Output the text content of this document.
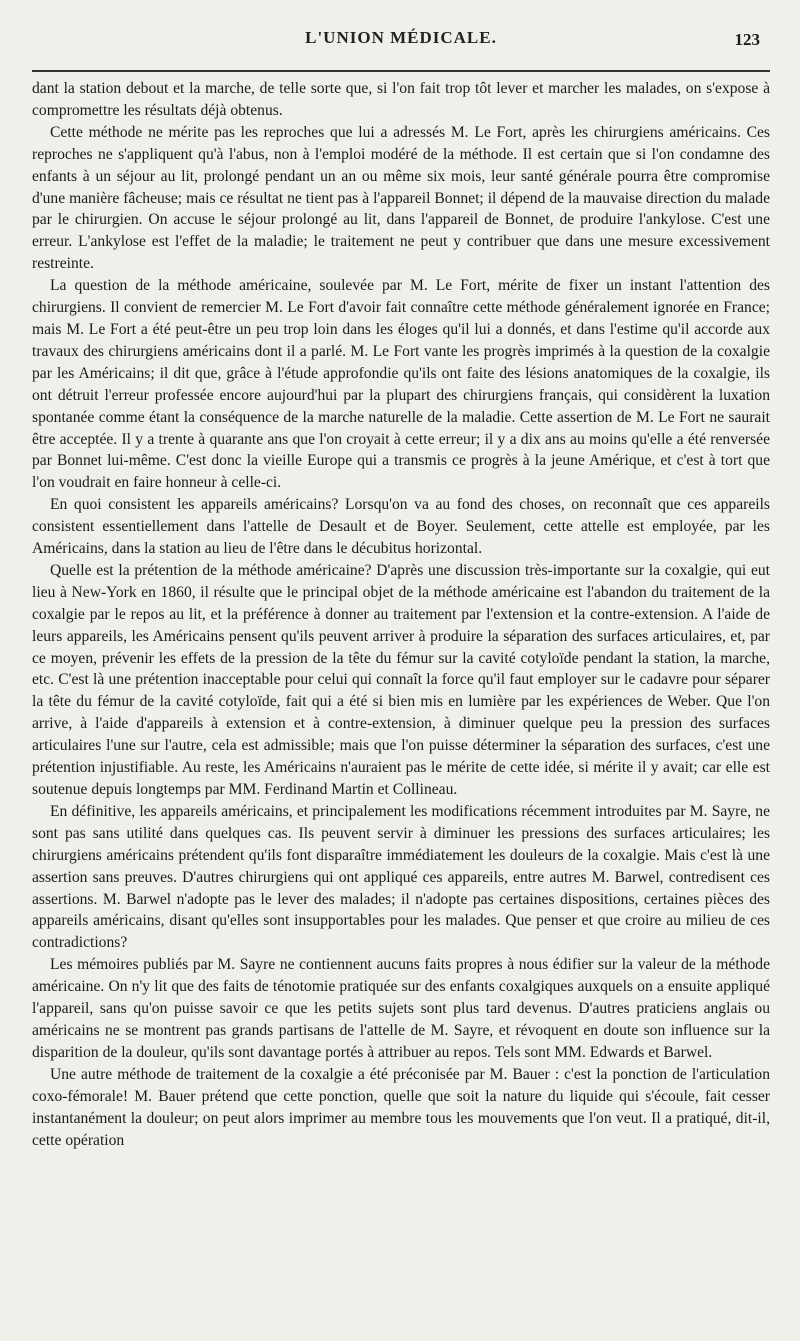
L'UNION MÉDICALE.	123

dant la station debout et la marche, de telle sorte que, si l'on fait trop tôt lever et marcher les malades, on s'expose à compromettre les résultats déjà obtenus.

Cette méthode ne mérite pas les reproches que lui a adressés M. Le Fort, après les chirurgiens américains. Ces reproches ne s'appliquent qu'à l'abus, non à l'emploi modéré de la méthode. Il est certain que si l'on condamne des enfants à un séjour au lit, prolongé pendant un an ou même six mois, leur santé générale pourra être compromise d'une manière fâcheuse; mais ce résultat ne tient pas à l'appareil Bonnet; il dépend de la mauvaise direction du malade par le chirurgien. On accuse le séjour prolongé au lit, dans l'appareil de Bonnet, de produire l'ankylose. C'est une erreur. L'ankylose est l'effet de la maladie; le traitement ne peut y contribuer que dans une mesure excessivement restreinte.

La question de la méthode américaine, soulevée par M. Le Fort, mérite de fixer un instant l'attention des chirurgiens. Il convient de remercier M. Le Fort d'avoir fait connaître cette méthode généralement ignorée en France; mais M. Le Fort a été peut-être un peu trop loin dans les éloges qu'il lui a donnés, et dans l'estime qu'il accorde aux travaux des chirurgiens américains dont il a parlé. M. Le Fort vante les progrès imprimés à la question de la coxalgie par les Américains; il dit que, grâce à l'étude approfondie qu'ils ont faite des lésions anatomiques de la coxalgie, ils ont détruit l'erreur professée encore aujourd'hui par la plupart des chirurgiens français, qui considèrent la luxation spontanée comme étant la conséquence de la marche naturelle de la maladie. Cette assertion de M. Le Fort ne saurait être acceptée. Il y a trente à quarante ans que l'on croyait à cette erreur; il y a dix ans au moins qu'elle a été renversée par Bonnet lui-même. C'est donc la vieille Europe qui a transmis ce progrès à la jeune Amérique, et c'est à tort que l'on voudrait en faire honneur à celle-ci.

En quoi consistent les appareils américains? Lorsqu'on va au fond des choses, on reconnaît que ces appareils consistent essentiellement dans l'attelle de Desault et de Boyer. Seulement, cette attelle est employée, par les Américains, dans la station au lieu de l'être dans le décubitus horizontal.

Quelle est la prétention de la méthode américaine? D'après une discussion très-importante sur la coxalgie, qui eut lieu à New-York en 1860, il résulte que le principal objet de la méthode américaine est l'abandon du traitement de la coxalgie par le repos au lit, et la préférence à donner au traitement par l'extension et la contre-extension. A l'aide de leurs appareils, les Américains pensent qu'ils peuvent arriver à produire la séparation des surfaces articulaires, et, par ce moyen, prévenir les effets de la pression de la tête du fémur sur la cavité cotyloïde pendant la station, la marche, etc. C'est là une prétention inacceptable pour celui qui connaît la force qu'il faut employer sur le cadavre pour séparer la tête du fémur de la cavité cotyloïde, fait qui a été si bien mis en lumière par les expériences de Weber. Que l'on arrive, à l'aide d'appareils à extension et à contre-extension, à diminuer quelque peu la pression des surfaces articulaires l'une sur l'autre, cela est admissible; mais que l'on puisse déterminer la séparation des surfaces, c'est une prétention injustifiable. Au reste, les Américains n'auraient pas le mérite de cette idée, si mérite il y avait; car elle est soutenue depuis longtemps par MM. Ferdinand Martin et Collineau.

En définitive, les appareils américains, et principalement les modifications récemment introduites par M. Sayre, ne sont pas sans utilité dans quelques cas. Ils peuvent servir à diminuer les pressions des surfaces articulaires; les chirurgiens américains prétendent qu'ils font disparaître immédiatement les douleurs de la coxalgie. Mais c'est là une assertion sans preuves. D'autres chirurgiens qui ont appliqué ces appareils, entre autres M. Barwel, contredisent ces assertions. M. Barwel n'adopte pas le lever des malades; il n'adopte pas certaines dispositions, certaines pièces des appareils américains, disant qu'elles sont insupportables pour les malades. Que penser et que croire au milieu de ces contradictions?

Les mémoires publiés par M. Sayre ne contiennent aucuns faits propres à nous édifier sur la valeur de la méthode américaine. On n'y lit que des faits de ténotomie pratiquée sur des enfants coxalgiques auxquels on a ensuite appliqué l'appareil, sans qu'on puisse savoir ce que les petits sujets sont plus tard devenus. D'autres praticiens anglais ou américains ne se montrent pas grands partisans de l'attelle de M. Sayre, et révoquent en doute son influence sur la disparition de la douleur, qu'ils sont davantage portés à attribuer au repos. Tels sont MM. Edwards et Barwel.

Une autre méthode de traitement de la coxalgie a été préconisée par M. Bauer : c'est la ponction de l'articulation coxo-fémorale! M. Bauer prétend que cette ponction, quelle que soit la nature du liquide qui s'écoule, fait cesser instantanément la douleur; on peut alors imprimer au membre tous les mouvements que l'on veut. Il a pratiqué, dit-il, cette opération
